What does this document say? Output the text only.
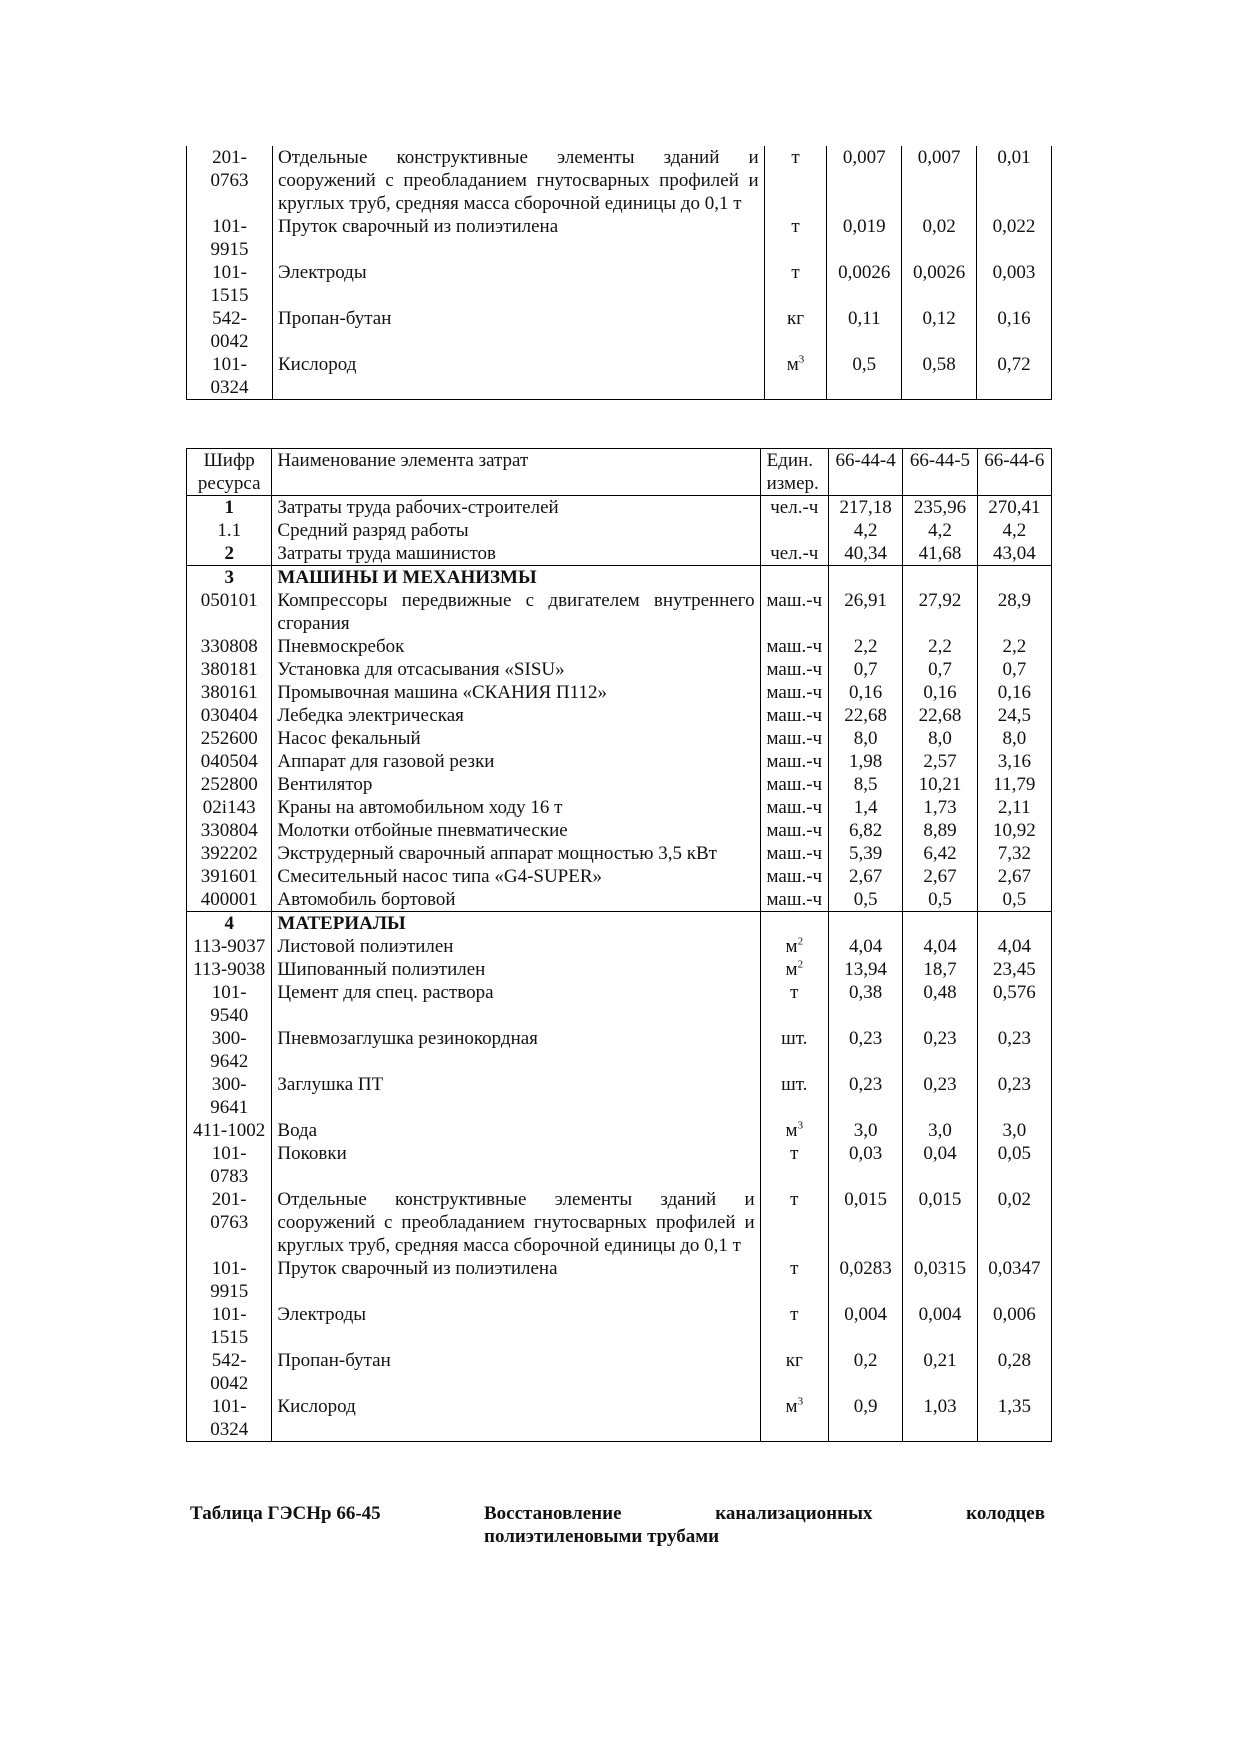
201-
0763	Отдельные конструктивные элементы зданий и сооружений с преобладанием гнутосварных профилей и круглых труб, средняя масса сборочной единицы до 0,1 т	т	0,007	0,007	0,01
101-
9915	Пруток сварочный из полиэтилена	т	0,019	0,02	0,022
101-
1515	Электроды	т	0,0026	0,0026	0,003
542-
0042	Пропан-бутан	кг	0,11	0,12	0,16
101-
0324	Кислород	$м^3$	0,5	0,58	0,72
Шифр ресурса	Наименование элемента затрат	Един. измер.	66-44-4	66-44-5	66-44-6
1	Затраты труда рабочих-строителей	чел.-ч	217,18	235,96	270,41
1.1	Средний разряд работы		4,2	4,2	4,2
2	Затраты труда машинистов	чел.-ч	40,34	41,68	43,04
3	МАШИНЫ И МЕХАНИЗМЫ				
050101	Компрессоры передвижные с двигателем внутреннего сгорания	маш.-ч	26,91	27,92	28,9
330808	Пневмоскребок	маш.-ч	2,2	2,2	2,2
380181	Установка для отсасывания «SISU»	маш.-ч	0,7	0,7	0,7
380161	Промывочная машина «СКАНИЯ П112»	маш.-ч	0,16	0,16	0,16
030404	Лебедка электрическая	маш.-ч	22,68	22,68	24,5
252600	Насос фекальный	маш.-ч	8,0	8,0	8,0
040504	Аппарат для газовой резки	маш.-ч	1,98	2,57	3,16
252800	Вентилятор	маш.-ч	8,5	10,21	11,79
02i143	Краны на автомобильном ходу 16 т	маш.-ч	1,4	1,73	2,11
330804	Молотки отбойные пневматические	маш.-ч	6,82	8,89	10,92
392202	Экструдерный сварочный аппарат мощностью 3,5 кВт	маш.-ч	5,39	6,42	7,32
391601	Смесительный насос типа «G4-SUPER»	маш.-ч	2,67	2,67	2,67
400001	Автомобиль бортовой	маш.-ч	0,5	0,5	0,5
4	МАТЕРИАЛЫ				
113-9037	Листовой полиэтилен	$м^2$	4,04	4,04	4,04
113-9038	Шипованный полиэтилен	$м^2$	13,94	18,7	23,45
101-
9540	Цемент для спец. раствора	т	0,38	0,48	0,576
300-
9642	Пневмозаглушка резинокордная	шт.	0,23	0,23	0,23
300-
9641	Заглушка ПТ	шт.	0,23	0,23	0,23
411-1002	Вода	$м^3$	3,0	3,0	3,0
101-
0783	Поковки	т	0,03	0,04	0,05
201-
0763	Отдельные конструктивные элементы зданий и сооружений с преобладанием гнутосварных профилей и круглых труб, средняя масса сборочной единицы до 0,1 т	т	0,015	0,015	0,02
101-
9915	Пруток сварочный из полиэтилена	т	0,0283	0,0315	0,0347
101-
1515	Электроды	т	0,004	0,004	0,006
542-
0042	Пропан-бутан	кг	0,2	0,21	0,28
101-
0324	Кислород	$м^3$	0,9	1,03	1,35
Таблица ГЭСНр 66-45	Восстановление канализационных колодцев
полиэтиленовыми трубами
